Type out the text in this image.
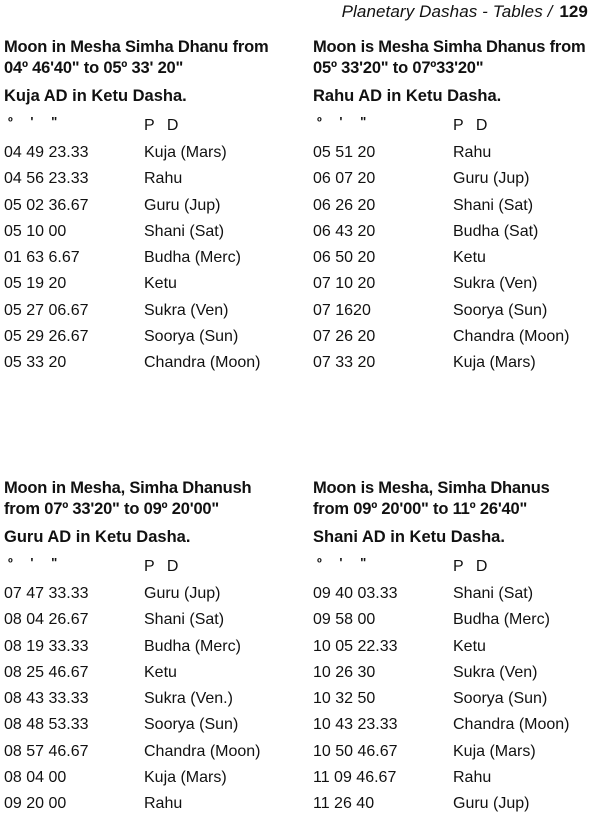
Planetary Dashas - Tables / 129
Moon in Mesha Simha Dhanu from
04º 46'40" to 05º 33' 20"
Kuja AD in Ketu Dasha.
º ' "	P D
04 49 23.33	Kuja (Mars)
04 56 23.33	Rahu
05 02 36.67	Guru (Jup)
05 10 00	Shani (Sat)
01 63 6.67	Budha (Merc)
05 19 20	Ketu
05 27 06.67	Sukra (Ven)
05 29 26.67	Soorya (Sun)
05 33 20	Chandra (Moon)
Moon is Mesha Simha Dhanus from
05º 33'20" to 07º33'20"
Rahu AD in Ketu Dasha.
º ' "	P D
05 51 20	Rahu
06 07 20	Guru (Jup)
06 26 20	Shani (Sat)
06 43 20	Budha (Sat)
06 50 20	Ketu
07 10 20	Sukra (Ven)
07 1620	Soorya (Sun)
07 26 20	Chandra (Moon)
07 33 20	Kuja (Mars)
Moon in Mesha, Simha Dhanush
from 07º 33'20" to 09º 20'00"
Guru AD in Ketu Dasha.
º ' "	P D
07 47 33.33	Guru (Jup)
08 04 26.67	Shani (Sat)
08 19 33.33	Budha (Merc)
08 25 46.67	Ketu
08 43 33.33	Sukra (Ven.)
08 48 53.33	Soorya (Sun)
08 57 46.67	Chandra (Moon)
08 04 00	Kuja (Mars)
09 20 00	Rahu
Moon is Mesha, Simha Dhanus
from 09º 20'00" to 11º 26'40"
Shani AD in Ketu Dasha.
º ' "	P D
09 40 03.33	Shani (Sat)
09 58 00	Budha (Merc)
10 05 22.33	Ketu
10 26 30	Sukra (Ven)
10 32 50	Soorya (Sun)
10 43 23.33	Chandra (Moon)
10 50 46.67	Kuja (Mars)
11 09 46.67	Rahu
11 26 40	Guru (Jup)
